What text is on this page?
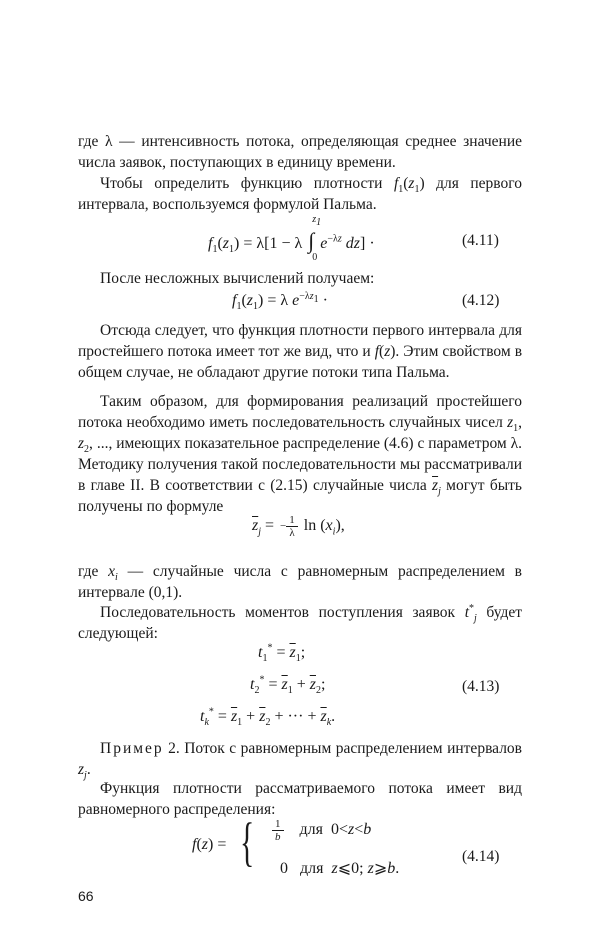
где λ — интенсивность потока, определяющая среднее значение числа заявок, поступающих в единицу времени.
Чтобы определить функцию плотности $f_1(z_1)$ для первого интервала, воспользуемся формулой Пальма.
$f_1(z_1) = \lambda[1 - \lambda$ ∫
$z_1$
0
$e^{-\lambda z}$ dz] ·	(4.11)
После несложных вычислений получаем:
$f_1(z_1) = \lambda$ $e^{-\lambda z_1}$ ·	(4.12)
Отсюда следует, что функция плотности первого интервала для простейшего потока имеет тот же вид, что и f(z). Этим свойством в общем случае, не обладают другие потоки типа Пальма.
Таким образом, для формирования реализаций простейшего потока необходимо иметь последовательность случайных чисел $z_1$, $z_2$, ..., имеющих показательное распределение (4.6) с параметром λ. Методику получения такой последовательности мы рассматривали в главе II. В соответствии с (2.15) случайные числа $\overline{z}_j$ могут быть получены по формуле
$\overline{z}_j$ = − $\frac{1}{\lambda}$ $\ln (x_i)$,
где $x_i$ — случайные числа с равномерным распределением в интервале (0,1).
Последовательность моментов поступления заявок $t^*_j$ будет следующей:
$t_1^* = \overline{z}_1$;
$t_2^* = \overline{z}_1 + \overline{z}_2$;
$t_k^* = \overline{z}_1 + \overline{z}_2$ + ··· + $\overline{z}_k$.
(4.13)
Пример 2. Поток с равномерным распределением интервалов $z_j$.
Функция плотности рассматриваемого потока имеет вид равномерного распределения:
f(z) = { $\frac{1}{b}$ для  0<z<b
0   для z⩽0; z⩾b.
(4.14)
66
